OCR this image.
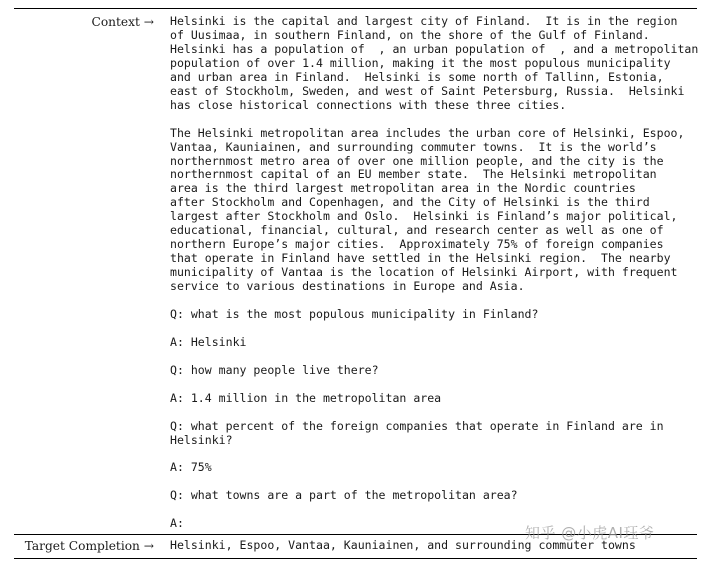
Context → Helsinki is the capital and largest city of Finland.  It is in the region
of Uusimaa, in southern Finland, on the shore of the Gulf of Finland.
Helsinki has a population of  , an urban population of  , and a metropolitan
population of over 1.4 million, making it the most populous municipality
and urban area in Finland.  Helsinki is some north of Tallinn, Estonia,
east of Stockholm, Sweden, and west of Saint Petersburg, Russia.  Helsinki
has close historical connections with these three cities.
The Helsinki metropolitan area includes the urban core of Helsinki, Espoo,
Vantaa, Kauniainen, and surrounding commuter towns.  It is the world’s
northernmost metro area of over one million people, and the city is the
northernmost capital of an EU member state.  The Helsinki metropolitan
area is the third largest metropolitan area in the Nordic countries
after Stockholm and Copenhagen, and the City of Helsinki is the third
largest after Stockholm and Oslo.  Helsinki is Finland’s major political,
educational, financial, cultural, and research center as well as one of
northern Europe’s major cities.  Approximately 75% of foreign companies
that operate in Finland have settled in the Helsinki region.  The nearby
municipality of Vantaa is the location of Helsinki Airport, with frequent
service to various destinations in Europe and Asia.
Q: what is the most populous municipality in Finland?
A: Helsinki
Q: how many people live there?
A: 1.4 million in the metropolitan area
Q: what percent of the foreign companies that operate in Finland are in
Helsinki?
A: 75%
Q: what towns are a part of the metropolitan area?
A:
Target Completion → Helsinki, Espoo, Vantaa, Kauniainen, and surrounding commuter towns
知乎 @小虎AI珏爷
